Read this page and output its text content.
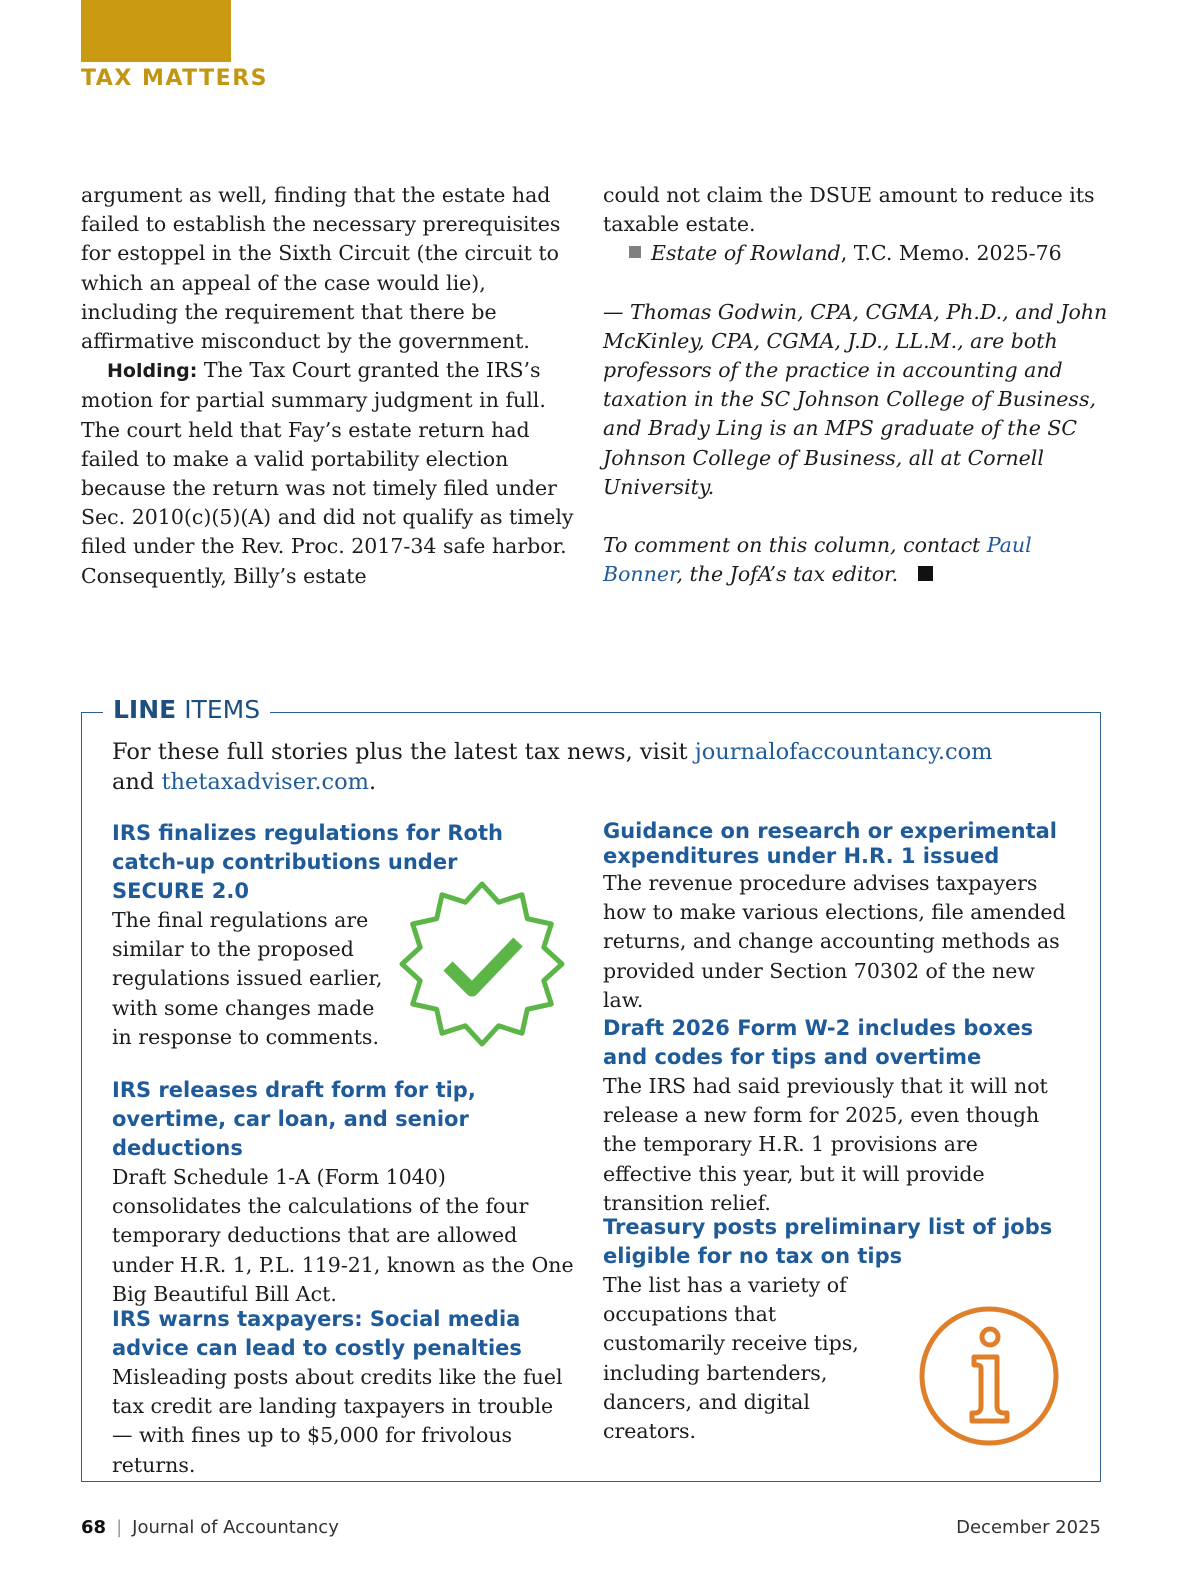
TAX MATTERS

argument as well, finding that the estate had failed to establish the necessary prerequisites for estoppel in the Sixth Circuit (the circuit to which an appeal of the case would lie), including the requirement that there be affirmative misconduct by the government.

Holding: The Tax Court granted the IRS’s motion for partial summary judgment in full. The court held that Fay’s estate return had failed to make a valid portability election because the return was not timely filed under Sec. 2010(c)(5)(A) and did not qualify as timely filed under the Rev. Proc. 2017-34 safe harbor. Consequently, Billy’s estate

could not claim the DSUE amount to reduce its taxable estate.

Estate of Rowland, T.C. Memo. 2025-76

— Thomas Godwin, CPA, CGMA, Ph.D., and John McKinley, CPA, CGMA, J.D., LL.M., are both professors of the practice in accounting and taxation in the SC Johnson College of Business, and Brady Ling is an MPS graduate of the SC Johnson College of Business, all at Cornell University.

To comment on this column, contact Paul Bonner, the JofA’s tax editor.

LINE ITEMS
For these full stories plus the latest tax news, visit journalofaccountancy.com
and thetaxadviser.com.
IRS finalizes regulations for Roth catch-up contributions under SECURE 2.0

The final regulations are similar to the proposed regulations issued earlier, with some changes made in response to comments.

IRS releases draft form for tip, overtime, car loan, and senior deductions

Draft Schedule 1-A (Form 1040) consolidates the calculations of the four temporary deductions that are allowed under H.R. 1, P.L. 119-21, known as the One Big Beautiful Bill Act.

IRS warns taxpayers: Social media advice can lead to costly penalties

Misleading posts about credits like the fuel tax credit are landing taxpayers in trouble — with fines up to $5,000 for frivolous returns.

Guidance on research or experimental expenditures under H.R. 1 issued

The revenue procedure advises taxpayers how to make various elections, file amended returns, and change accounting methods as provided under Section 70302 of the new law.

Draft 2026 Form W-2 includes boxes and codes for tips and overtime

The IRS had said previously that it will not release a new form for 2025, even though the temporary H.R. 1 provisions are effective this year, but it will provide transition relief.

Treasury posts preliminary list of jobs eligible for no tax on tips

The list has a variety of occupations that customarily receive tips, including bartenders, dancers, and digital creators.

68 | Journal of Accountancy	December 2025
